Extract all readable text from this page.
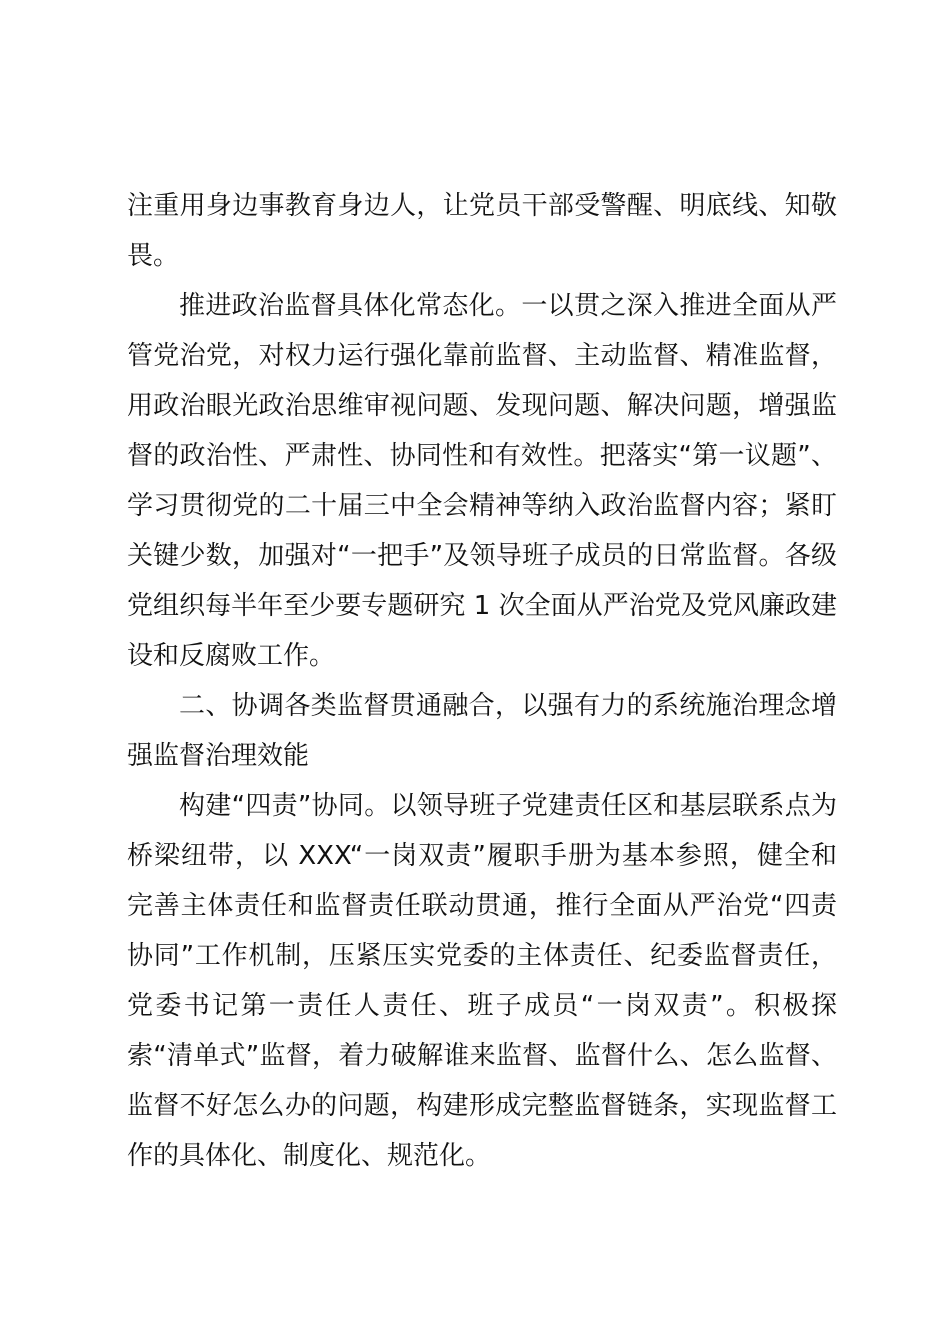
注重用身边事教育身边人，让党员干部受警醒、明底线、知敬畏。

推进政治监督具体化常态化。一以贯之深入推进全面从严管党治党，对权力运行强化靠前监督、主动监督、精准监督，用政治眼光政治思维审视问题、发现问题、解决问题，增强监督的政治性、严肃性、协同性和有效性。把落实“第一议题”、学习贯彻党的二十届三中全会精神等纳入政治监督内容；紧盯关键少数，加强对“一把手”及领导班子成员的日常监督。各级党组织每半年至少要专题研究 1 次全面从严治党及党风廉政建设和反腐败工作。

二、协调各类监督贯通融合，以强有力的系统施治理念增强监督治理效能

构建“四责”协同。以领导班子党建责任区和基层联系点为桥梁纽带，以 XXX“一岗双责”履职手册为基本参照，健全和完善主体责任和监督责任联动贯通，推行全面从严治党“四责协同”工作机制，压紧压实党委的主体责任、纪委监督责任，党委书记第一责任人责任、班子成员“一岗双责”。积极探索“清单式”监督，着力破解谁来监督、监督什么、怎么监督、监督不好怎么办的问题，构建形成完整监督链条，实现监督工作的具体化、制度化、规范化。
